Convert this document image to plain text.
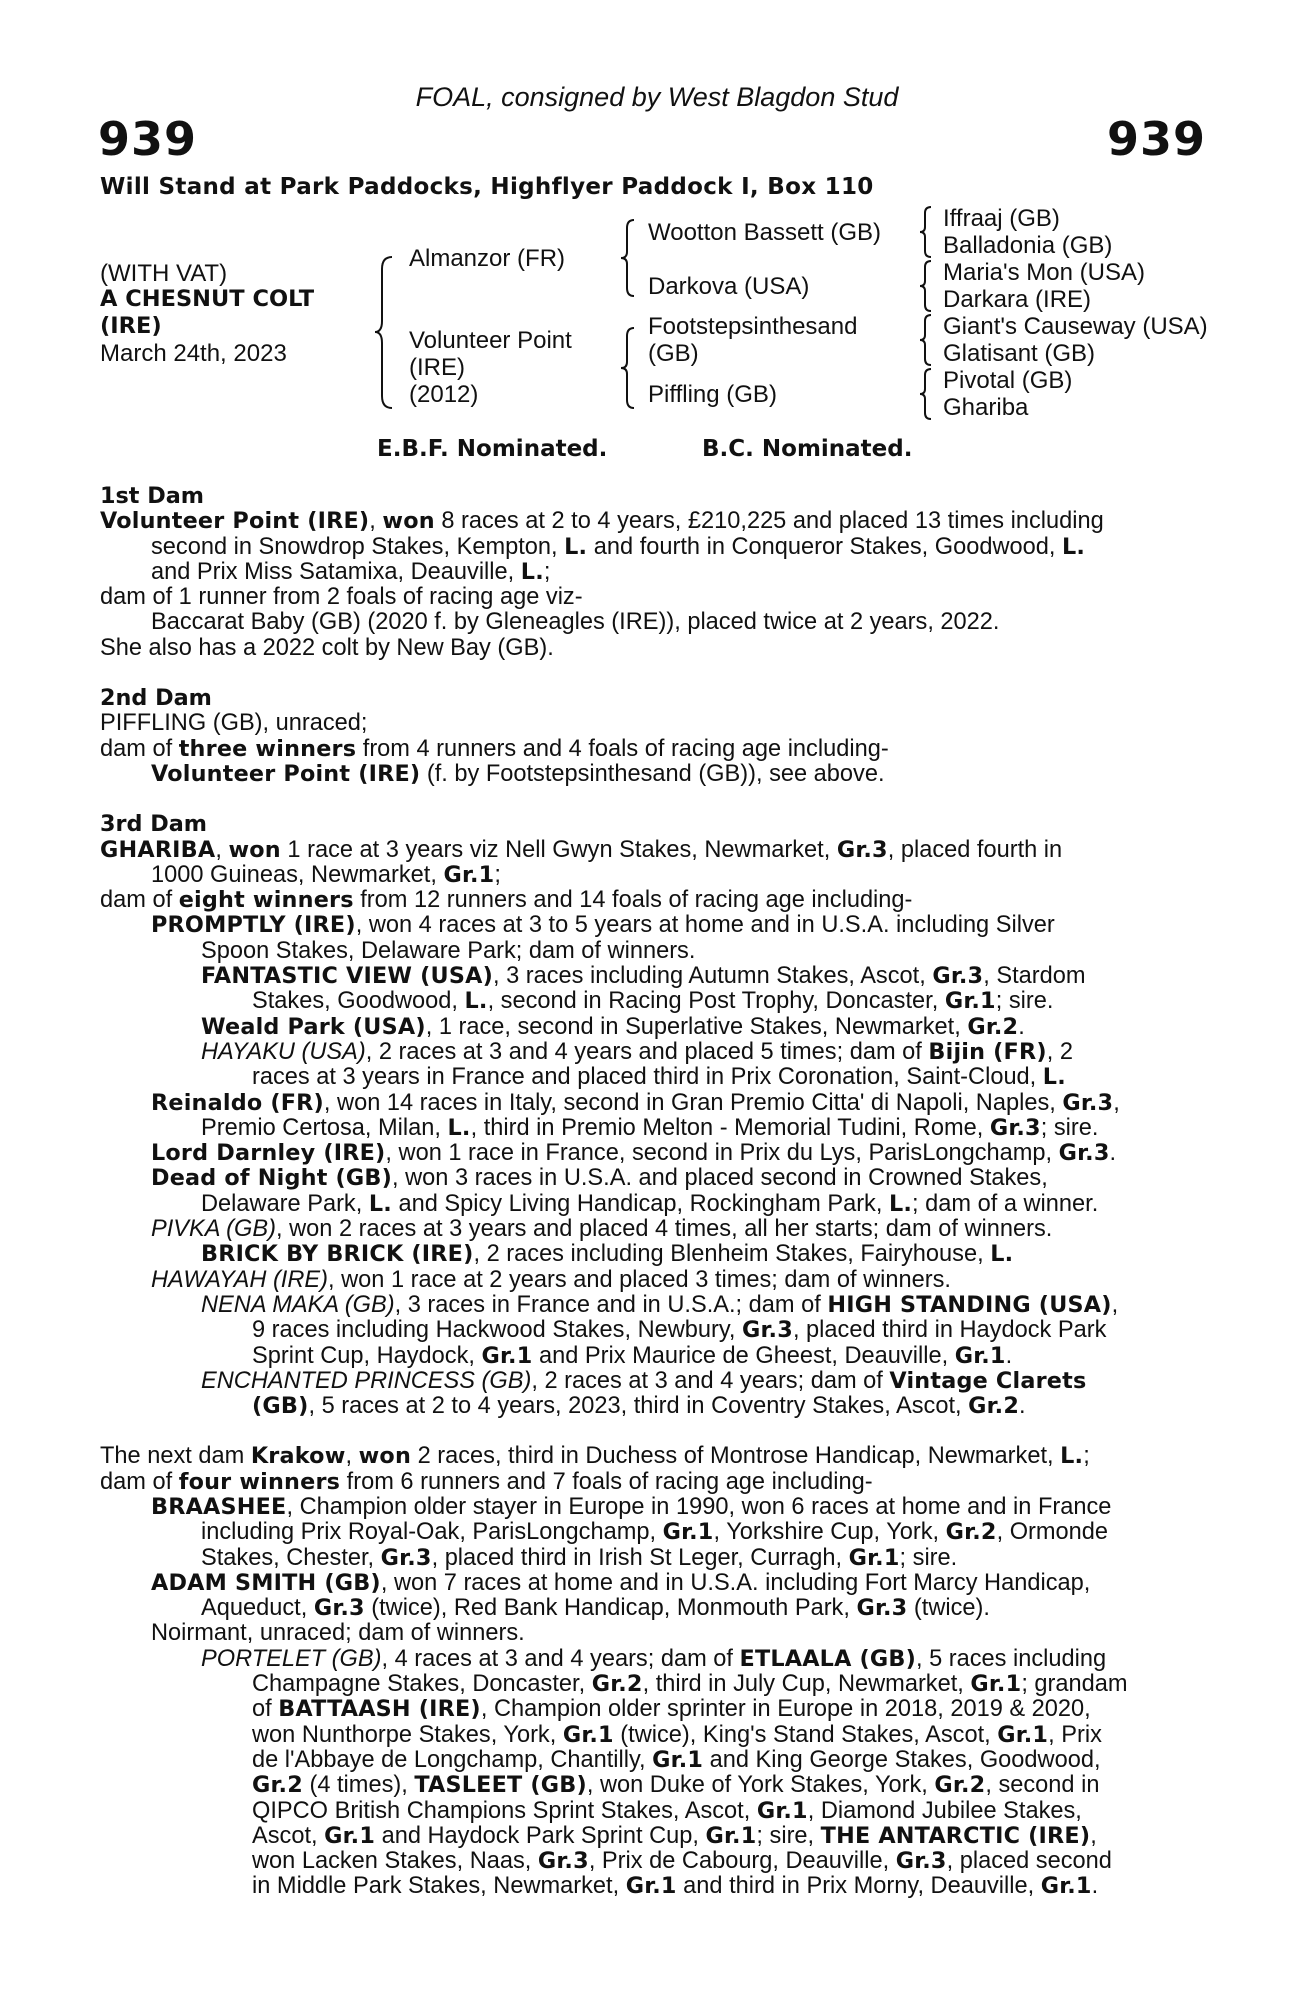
FOAL, consigned by West Blagdon Stud
939	939
Will Stand at Park Paddocks, Highflyer Paddock I, Box 110
(WITH VAT)
A CHESNUT COLT
(IRE)
March 24th, 2023
Almanzor (FR)
Volunteer Point
(IRE)
(2012)
Wootton Bassett (GB)
Darkova (USA)
Footstepsinthesand
(GB)
Piffling (GB)
Iffraaj (GB)
Balladonia (GB)
Maria's Mon (USA)
Darkara (IRE)
Giant's Causeway (USA)
Glatisant (GB)
Pivotal (GB)
Ghariba
E.B.F. Nominated.	B.C. Nominated.

1st Dam

Volunteer Point (IRE), won 8 races at 2 to 4 years, £210,225 and placed 13 times including

second in Snowdrop Stakes, Kempton, L. and fourth in Conqueror Stakes, Goodwood, L.

and Prix Miss Satamixa, Deauville, L.;

dam of 1 runner from 2 foals of racing age viz-

Baccarat Baby (GB) (2020 f. by Gleneagles (IRE)), placed twice at 2 years, 2022.

She also has a 2022 colt by New Bay (GB).

2nd Dam

PIFFLING (GB), unraced;

dam of three winners from 4 runners and 4 foals of racing age including-

Volunteer Point (IRE) (f. by Footstepsinthesand (GB)), see above.

3rd Dam

GHARIBA, won 1 race at 3 years viz Nell Gwyn Stakes, Newmarket, Gr.3, placed fourth in

1000 Guineas, Newmarket, Gr.1;

dam of eight winners from 12 runners and 14 foals of racing age including-

PROMPTLY (IRE), won 4 races at 3 to 5 years at home and in U.S.A. including Silver

Spoon Stakes, Delaware Park; dam of winners.

FANTASTIC VIEW (USA), 3 races including Autumn Stakes, Ascot, Gr.3, Stardom

Stakes, Goodwood, L., second in Racing Post Trophy, Doncaster, Gr.1; sire.

Weald Park (USA), 1 race, second in Superlative Stakes, Newmarket, Gr.2.

HAYAKU (USA), 2 races at 3 and 4 years and placed 5 times; dam of Bijin (FR), 2

races at 3 years in France and placed third in Prix Coronation, Saint-Cloud, L.

Reinaldo (FR), won 14 races in Italy, second in Gran Premio Citta' di Napoli, Naples, Gr.3,

Premio Certosa, Milan, L., third in Premio Melton - Memorial Tudini, Rome, Gr.3; sire.

Lord Darnley (IRE), won 1 race in France, second in Prix du Lys, ParisLongchamp, Gr.3.

Dead of Night (GB), won 3 races in U.S.A. and placed second in Crowned Stakes,

Delaware Park, L. and Spicy Living Handicap, Rockingham Park, L.; dam of a winner.

PIVKA (GB), won 2 races at 3 years and placed 4 times, all her starts; dam of winners.

BRICK BY BRICK (IRE), 2 races including Blenheim Stakes, Fairyhouse, L.

HAWAYAH (IRE), won 1 race at 2 years and placed 3 times; dam of winners.

NENA MAKA (GB), 3 races in France and in U.S.A.; dam of HIGH STANDING (USA),

9 races including Hackwood Stakes, Newbury, Gr.3, placed third in Haydock Park

Sprint Cup, Haydock, Gr.1 and Prix Maurice de Gheest, Deauville, Gr.1.

ENCHANTED PRINCESS (GB), 2 races at 3 and 4 years; dam of Vintage Clarets

(GB), 5 races at 2 to 4 years, 2023, third in Coventry Stakes, Ascot, Gr.2.

The next dam Krakow, won 2 races, third in Duchess of Montrose Handicap, Newmarket, L.;

dam of four winners from 6 runners and 7 foals of racing age including-

BRAASHEE, Champion older stayer in Europe in 1990, won 6 races at home and in France

including Prix Royal-Oak, ParisLongchamp, Gr.1, Yorkshire Cup, York, Gr.2, Ormonde

Stakes, Chester, Gr.3, placed third in Irish St Leger, Curragh, Gr.1; sire.

ADAM SMITH (GB), won 7 races at home and in U.S.A. including Fort Marcy Handicap,

Aqueduct, Gr.3 (twice), Red Bank Handicap, Monmouth Park, Gr.3 (twice).

Noirmant, unraced; dam of winners.

PORTELET (GB), 4 races at 3 and 4 years; dam of ETLAALA (GB), 5 races including

Champagne Stakes, Doncaster, Gr.2, third in July Cup, Newmarket, Gr.1; grandam

of BATTAASH (IRE), Champion older sprinter in Europe in 2018, 2019 & 2020,

won Nunthorpe Stakes, York, Gr.1 (twice), King's Stand Stakes, Ascot, Gr.1, Prix

de l'Abbaye de Longchamp, Chantilly, Gr.1 and King George Stakes, Goodwood,

Gr.2 (4 times), TASLEET (GB), won Duke of York Stakes, York, Gr.2, second in

QIPCO British Champions Sprint Stakes, Ascot, Gr.1, Diamond Jubilee Stakes,

Ascot, Gr.1 and Haydock Park Sprint Cup, Gr.1; sire, THE ANTARCTIC (IRE),

won Lacken Stakes, Naas, Gr.3, Prix de Cabourg, Deauville, Gr.3, placed second

in Middle Park Stakes, Newmarket, Gr.1 and third in Prix Morny, Deauville, Gr.1.
